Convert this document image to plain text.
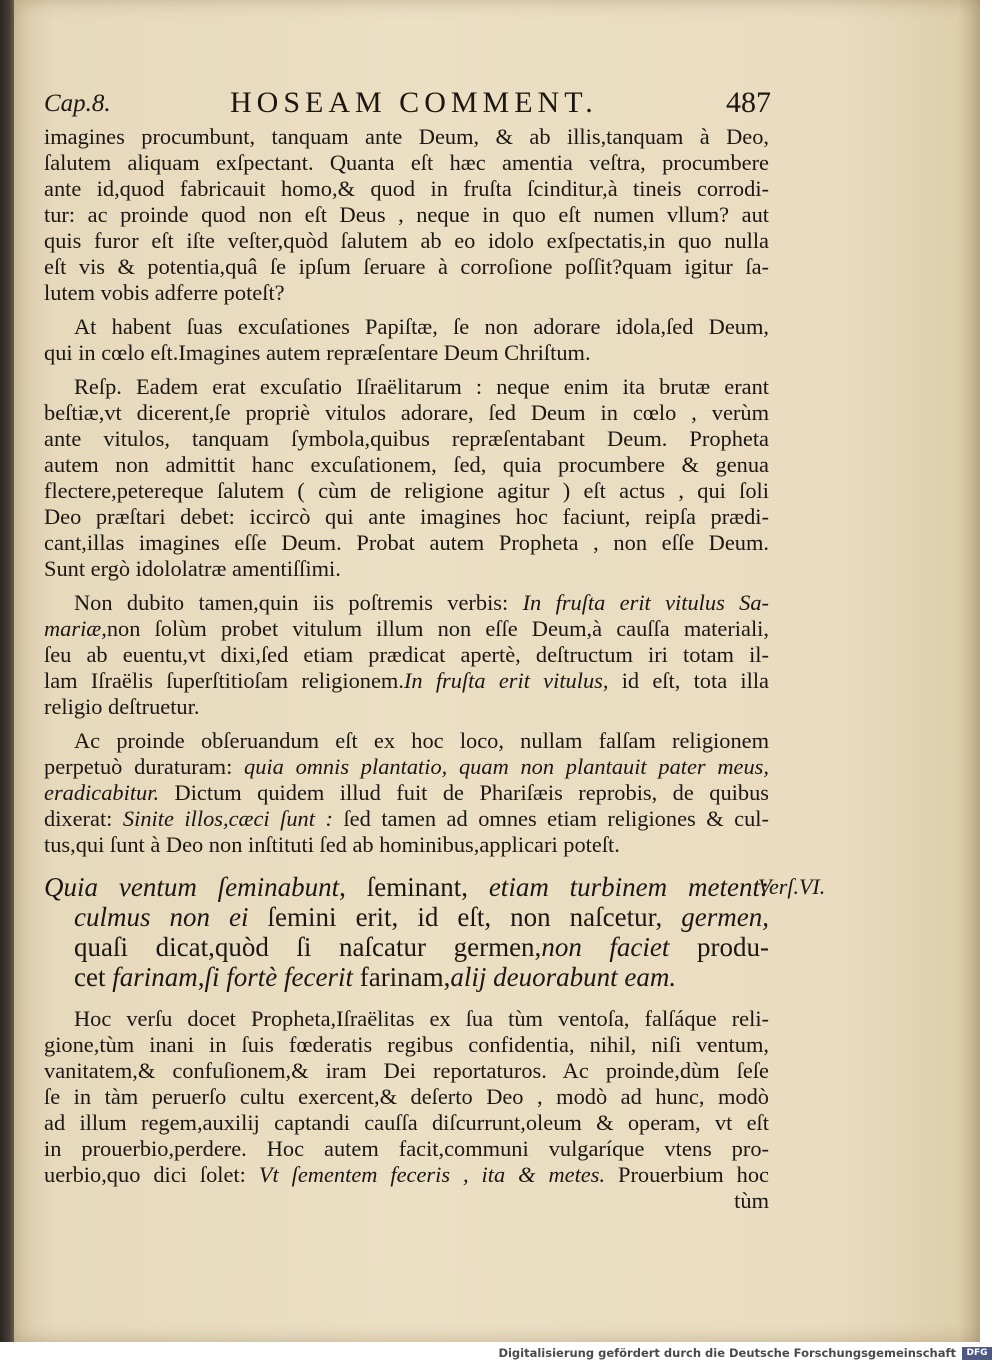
Cap.8.	HOSEAM COMMENT.	487
imagines procumbunt, tanquam ante Deum, & ab illis,tanquam à Deo,
ſalutem aliquam exſpectant. Quanta eſt hæc amentia veſtra, procumbere
ante id,quod fabricauit homo,& quod in fruſta ſcinditur,à tineis corrodi-
tur: ac proinde quod non eſt Deus , neque in quo eſt numen vllum? aut
quis furor eſt iſte veſter,quòd ſalutem ab eo idolo exſpectatis,in quo nulla
eſt vis & potentia,quâ ſe ipſum ſeruare à corroſione poſſit?quam igitur ſa-
lutem vobis adferre poteſt?
At habent ſuas excuſationes Papiſtæ, ſe non adorare idola,ſed Deum,
qui in cœlo eſt.Imagines autem repræſentare Deum Chriſtum.
Reſp. Eadem erat excuſatio Iſraëlitarum : neque enim ita brutæ erant
beſtiæ,vt dicerent,ſe propriè vitulos adorare, ſed Deum in cœlo , verùm
ante vitulos, tanquam ſymbola,quibus repræſentabant Deum. Propheta
autem non admittit hanc excuſationem, ſed, quia procumbere & genua
flectere,petereque ſalutem ( cùm de religione agitur ) eſt actus , qui ſoli
Deo præſtari debet: iccircò qui ante imagines hoc faciunt, reipſa prædi-
cant,illas imagines eſſe Deum. Probat autem Propheta , non eſſe Deum.
Sunt ergò idololatræ amentiſſimi.
Non dubito tamen,quin iis poſtremis verbis: In fruſta erit vitulus Sa-
mariæ,non ſolùm probet vitulum illum non eſſe Deum,à cauſſa materiali,
ſeu ab euentu,vt dixi,ſed etiam prædicat apertè, deſtructum iri totam il-
lam Iſraëlis ſuperſtitioſam religionem.In fruſta erit vitulus, id eſt, tota illa
religio deſtruetur.
Ac proinde obſeruandum eſt ex hoc loco, nullam falſam religionem
perpetuò duraturam: quia omnis plantatio, quam non plantauit pater meus,
eradicabitur. Dictum quidem illud fuit de Phariſæis reprobis, de quibus
dixerat: Sinite illos,cæci ſunt : ſed tamen ad omnes etiam religiones & cul-
tus,qui ſunt à Deo non inſtituti ſed ab hominibus,applicari poteſt.
Quia ventum ſeminabunt, ſeminant, etiam turbinem metent:
culmus non ei ſemini erit, id eſt, non naſcetur, germen,
quaſi dicat,quòd ſi naſcatur germen,non faciet produ-
cet farinam,ſi fortè fecerit farinam,alij deuorabunt eam.
Hoc verſu docet Propheta,Iſraëlitas ex ſua tùm ventoſa, falſáque reli-
gione,tùm inani in ſuis fœderatis regibus confidentia, nihil, niſi ventum,
vanitatem,& confuſionem,& iram Dei reportaturos. Ac proinde,dùm ſeſe
ſe in tàm peruerſo cultu exercent,& deſerto Deo , modò ad hunc, modò
ad illum regem,auxilij captandi cauſſa diſcurrunt,oleum & operam, vt eſt
in prouerbio,perdere. Hoc autem facit,communi vulgaríque vtens pro-
uerbio,quo dici ſolet: Vt ſementem feceris , ita & metes. Prouerbium hoc
tùm
Verſ.VI.
Digitalisierung gefördert durch die Deutsche Forschungsgemeinschaft	DFG
